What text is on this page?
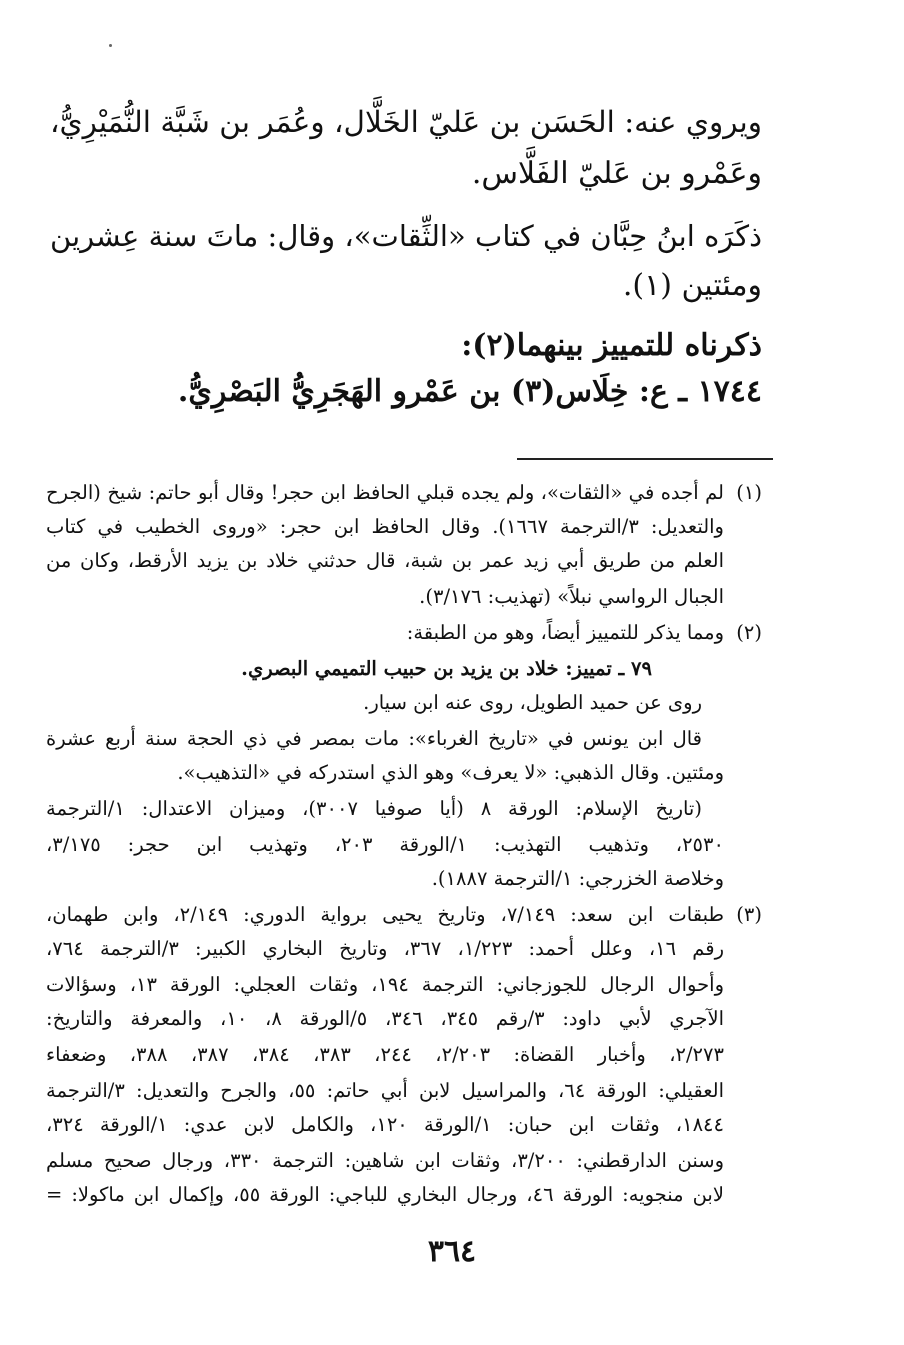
ويروي عنه: الحَسَن بن عَليّ الخَلَّال، وعُمَر بن شَبَّة النُّمَيْرِيُّ،
وعَمْرو بن عَليّ الفَلَّاس.
ذكَرَه ابنُ حِبَّان في كتاب «الثِّقات»، وقال: ماتَ سنة عِشرين
ومئتين (١).
ذكرناه للتمييز بينهما(٢):
١٧٤٤ ـ ع: خِلَاس(٣) بن عَمْرو الهَجَرِيُّ البَصْرِيُّ.
(١)
(٢)
(٣)
لم أجده في «الثقات»، ولم يجده قبلي الحافظ ابن حجر! وقال أبو حاتم: شيخ (الجرح
والتعديل: ٣/الترجمة ١٦٦٧). وقال الحافظ ابن حجر: «وروى الخطيب في كتاب
العلم من طريق أبي زيد عمر بن شبة، قال حدثني خلاد بن يزيد الأرقط، وكان من
الجبال الرواسي نبلاً» (تهذيب: ٣/١٧٦).
ومما يذكر للتمييز أيضاً، وهو من الطبقة:
٧٩ ـ تمييز: خلاد بن يزيد بن حبيب التميمي البصري.
روى عن حميد الطويل، روى عنه ابن سيار.
قال ابن يونس في «تاريخ الغرباء»: مات بمصر في ذي الحجة سنة أربع عشرة
ومئتين. وقال الذهبي: «لا يعرف» وهو الذي استدركه في «التذهيب».
(تاريخ الإسلام: الورقة ٨ (أيا صوفيا ٣٠٠٧)، وميزان الاعتدال: ١/الترجمة
٢٥٣٠، وتذهيب التهذيب: ١/الورقة ٢٠٣، وتهذيب ابن حجر: ٣/١٧٥،
وخلاصة الخزرجي: ١/الترجمة ١٨٨٧).
طبقات ابن سعد: ٧/١٤٩، وتاريخ يحيى برواية الدوري: ٢/١٤٩، وابن طهمان،
رقم ١٦، وعلل أحمد: ١/٢٢٣، ٣٦٧، وتاريخ البخاري الكبير: ٣/الترجمة ٧٦٤،
وأحوال الرجال للجوزجاني: الترجمة ١٩٤، وثقات العجلي: الورقة ١٣، وسؤالات
الآجري لأبي داود: ٣/رقم ٣٤٥، ٣٤٦، ٥/الورقة ٨، ١٠، والمعرفة والتاريخ:
٢/٢٧٣، وأخبار القضاة: ٢/٢٠٣، ٢٤٤، ٣٨٣، ٣٨٤، ٣٨٧، ٣٨٨، وضعفاء
العقيلي: الورقة ٦٤، والمراسيل لابن أبي حاتم: ٥٥، والجرح والتعديل: ٣/الترجمة
١٨٤٤، وثقات ابن حبان: ١/الورقة ١٢٠، والكامل لابن عدي: ١/الورقة ٣٢٤،
وسنن الدارقطني: ٣/٢٠٠، وثقات ابن شاهين: الترجمة ٣٣٠، ورجال صحيح مسلم
لابن منجويه: الورقة ٤٦، ورجال البخاري للباجي: الورقة ٥٥، وإكمال ابن ماكولا: =
٣٦٤
